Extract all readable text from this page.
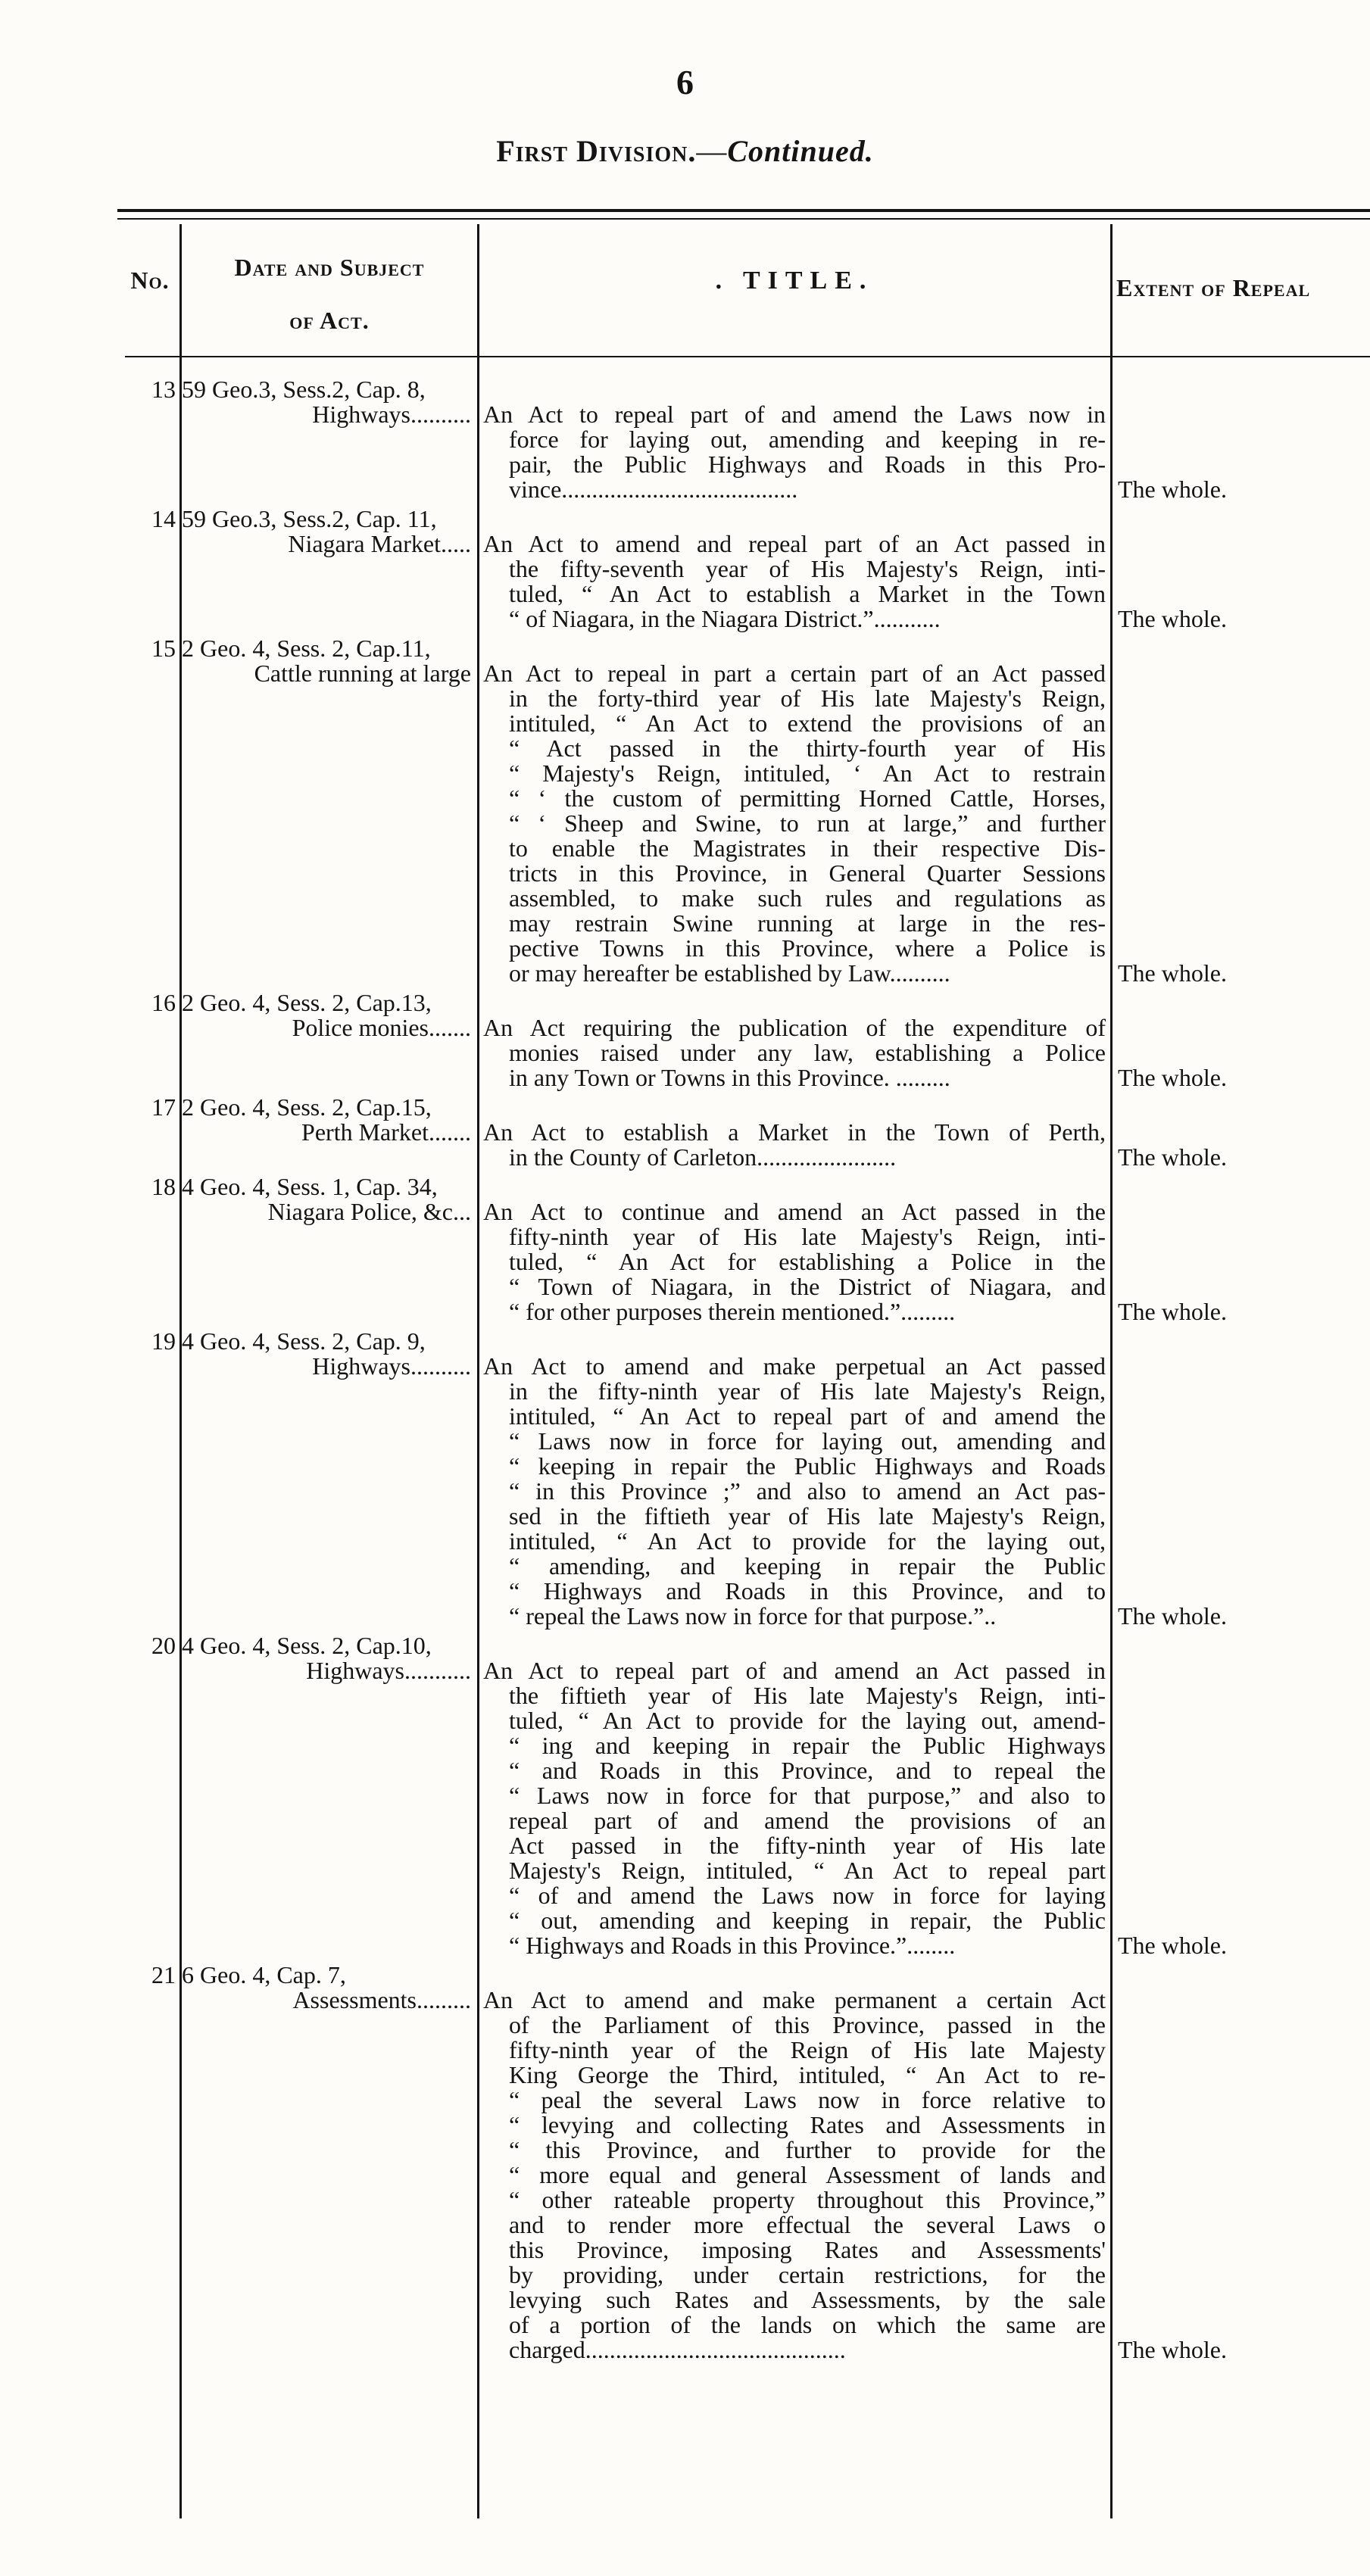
6
First Division.—Continued.
No.	Date and Subject
of Act.
. TITLE.	Extent of Repeal
13 59 Geo.3, Sess.2, Cap. 8,
Highways.......... An Act to repeal part of and amend the Laws now in
force for laying out, amending and keeping in re-
pair, the Public Highways and Roads in this Pro-
vince.......................................	The whole.
14 59 Geo.3, Sess.2, Cap. 11,
Niagara Market..... An Act to amend and repeal part of an Act passed in
the fifty-seventh year of His Majesty's Reign, inti-
tuled, “ An Act to establish a Market in the Town
“ of Niagara, in the Niagara District.”...........	The whole.
15 2 Geo. 4, Sess. 2, Cap.11,
Cattle running at large An Act to repeal in part a certain part of an Act passed
in the forty-third year of His late Majesty's Reign,
intituled, “ An Act to extend the provisions of an
“ Act passed in the thirty-fourth year of His
“ Majesty's Reign, intituled, ‘ An Act to restrain
“ ‘ the custom of permitting Horned Cattle, Horses,
“ ‘ Sheep and Swine, to run at large,” and further
to enable the Magistrates in their respective Dis-
tricts in this Province, in General Quarter Sessions
assembled, to make such rules and regulations as
may restrain Swine running at large in the res-
pective Towns in this Province, where a Police is
or may hereafter be established by Law..........	The whole.
16 2 Geo. 4, Sess. 2, Cap.13,
Police monies....... An Act requiring the publication of the expenditure of
monies raised under any law, establishing a Police
in any Town or Towns in this Province. .........	The whole.
17 2 Geo. 4, Sess. 2, Cap.15,
Perth Market....... An Act to establish a Market in the Town of Perth,
in the County of Carleton.......................	The whole.
18 4 Geo. 4, Sess. 1, Cap. 34,
Niagara Police, &c... An Act to continue and amend an Act passed in the
fifty-ninth year of His late Majesty's Reign, inti-
tuled, “ An Act for establishing a Police in the
“ Town of Niagara, in the District of Niagara, and
“ for other purposes therein mentioned.”.........	The whole.
19 4 Geo. 4, Sess. 2, Cap. 9,
Highways.......... An Act to amend and make perpetual an Act passed
in the fifty-ninth year of His late Majesty's Reign,
intituled, “ An Act to repeal part of and amend the
“ Laws now in force for laying out, amending and
“ keeping in repair the Public Highways and Roads
“ in this Province ;” and also to amend an Act pas-
sed in the fiftieth year of His late Majesty's Reign,
intituled, “ An Act to provide for the laying out,
“ amending, and keeping in repair the Public
“ Highways and Roads in this Province, and to
“ repeal the Laws now in force for that purpose.”..	The whole.
20 4 Geo. 4, Sess. 2, Cap.10,
Highways........... An Act to repeal part of and amend an Act passed in
the fiftieth year of His late Majesty's Reign, inti-
tuled, “ An Act to provide for the laying out, amend-
“ ing and keeping in repair the Public Highways
“ and Roads in this Province, and to repeal the
“ Laws now in force for that purpose,” and also to
repeal part of and amend the provisions of an
Act passed in the fifty-ninth year of His late
Majesty's Reign, intituled, “ An Act to repeal part
“ of and amend the Laws now in force for laying
“ out, amending and keeping in repair, the Public
“ Highways and Roads in this Province.”........	The whole.
21 6 Geo. 4, Cap. 7,
Assessments......... An Act to amend and make permanent a certain Act
of the Parliament of this Province, passed in the
fifty-ninth year of the Reign of His late Majesty
King George the Third, intituled, “ An Act to re-
“ peal the several Laws now in force relative to
“ levying and collecting Rates and Assessments in
“ this Province, and further to provide for the
“ more equal and general Assessment of lands and
“ other rateable property throughout this Province,”
and to render more effectual the several Laws o
this Province, imposing Rates and Assessments'
by providing, under certain restrictions, for the
levying such Rates and Assessments, by the sale
of a portion of the lands on which the same are
charged...........................................	The whole.
